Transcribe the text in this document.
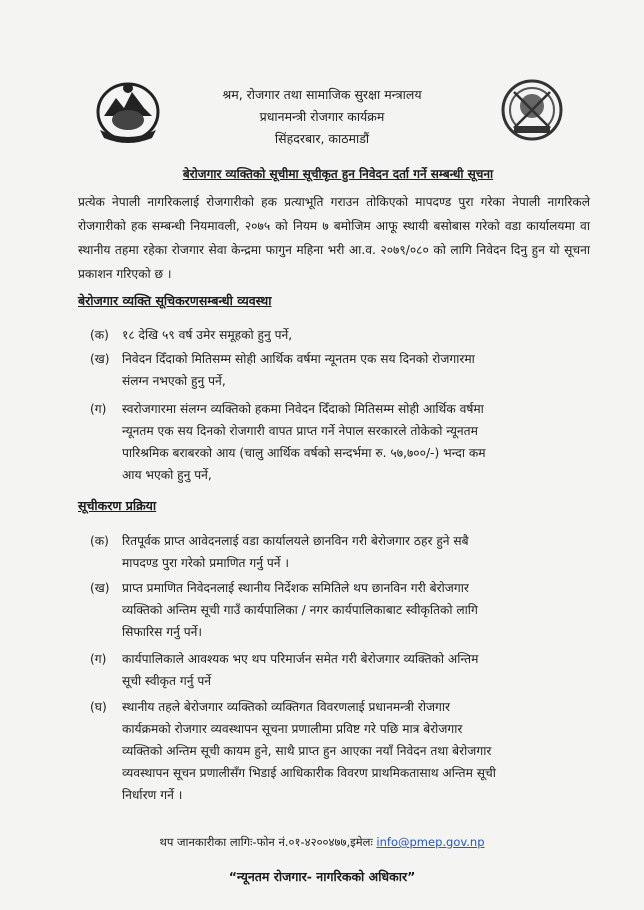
श्रम, रोजगार तथा सामाजिक सुरक्षा मन्त्रालय
प्रधानमन्त्री रोजगार कार्यक्रम
सिंहदरबार, काठमाडौं
बेरोजगार व्यक्तिको सूचीमा सूचीकृत हुन निवेदन दर्ता गर्ने सम्बन्धी सूचना
प्रत्येक नेपाली नागरिकलाई रोजगारीको हक प्रत्याभूति गराउन तोकिएको मापदण्ड पुरा गरेका नेपाली नागरिकले रोजगारीको हक सम्बन्धी नियमावली, २०७५ को नियम ७ बमोजिम आफू स्थायी बसोबास गरेको वडा कार्यालयमा वा स्थानीय तहमा रहेका रोजगार सेवा केन्द्रमा फागुन महिना भरी आ.व. २०७९/०८० को लागि निवेदन दिनु हुन यो सूचना प्रकाशन गरिएको छ ।
बेरोजगार व्यक्ति सूचिकरणसम्बन्धी व्यवस्था
(क) १८ देखि ५९ वर्ष उमेर समूहको हुनु पर्ने,
(ख) निवेदन दिँदाको मितिसम्म सोही आर्थिक वर्षमा न्यूनतम एक सय दिनको रोजगारमा
संलग्न नभएको हुनु पर्ने,
(ग) स्वरोजगारमा संलग्न व्यक्तिको हकमा निवेदन दिँदाको मितिसम्म सोही आर्थिक वर्षमा
न्यूनतम एक सय दिनको रोजगारी वापत प्राप्त गर्ने नेपाल सरकारले तोकेको न्यूनतम
पारिश्रमिक बराबरको आय (चालु आर्थिक वर्षको सन्दर्भमा रु. ५७,७००/-) भन्दा कम
आय भएको हुनु पर्ने,
सूचीकरण प्रक्रिया
(क) रितपूर्वक प्राप्त आवेदनलाई वडा कार्यालयले छानविन गरी बेरोजगार ठहर हुने सबै
मापदण्ड पुरा गरेको प्रमाणित गर्नु पर्ने ।
(ख) प्राप्त प्रमाणित निवेदनलाई स्थानीय निर्देशक समितिले थप छानविन गरी बेरोजगार
व्यक्तिको अन्तिम सूची गाउँ कार्यपालिका / नगर कार्यपालिकाबाट स्वीकृतिको लागि
सिफारिस गर्नु पर्ने।
(ग) कार्यपालिकाले आवश्यक भए थप परिमार्जन समेत गरी बेरोजगार व्यक्तिको अन्तिम
सूची स्वीकृत गर्नु पर्ने
(घ) स्थानीय तहले बेरोजगार व्यक्तिको व्यक्तिगत विवरणलाई प्रधानमन्त्री रोजगार
कार्यक्रमको रोजगार व्यवस्थापन सूचना प्रणालीमा प्रविष्ट गरे पछि मात्र बेरोजगार
व्यक्तिको अन्तिम सूची कायम हुने, साथै प्राप्त हुन आएका नयाँ निवेदन तथा बेरोजगार
व्यवस्थापन सूचन प्रणालीसँग भिडाई आधिकारीक विवरण प्राथमिकतासाथ अन्तिम सूची
निर्धारण गर्ने ।
थप जानकारीका लागिः-फोन नं.०१-४२००४७७,इमेलः info@pmep.gov.np
“न्यूनतम रोजगार- नागरिकको अधिकार”
